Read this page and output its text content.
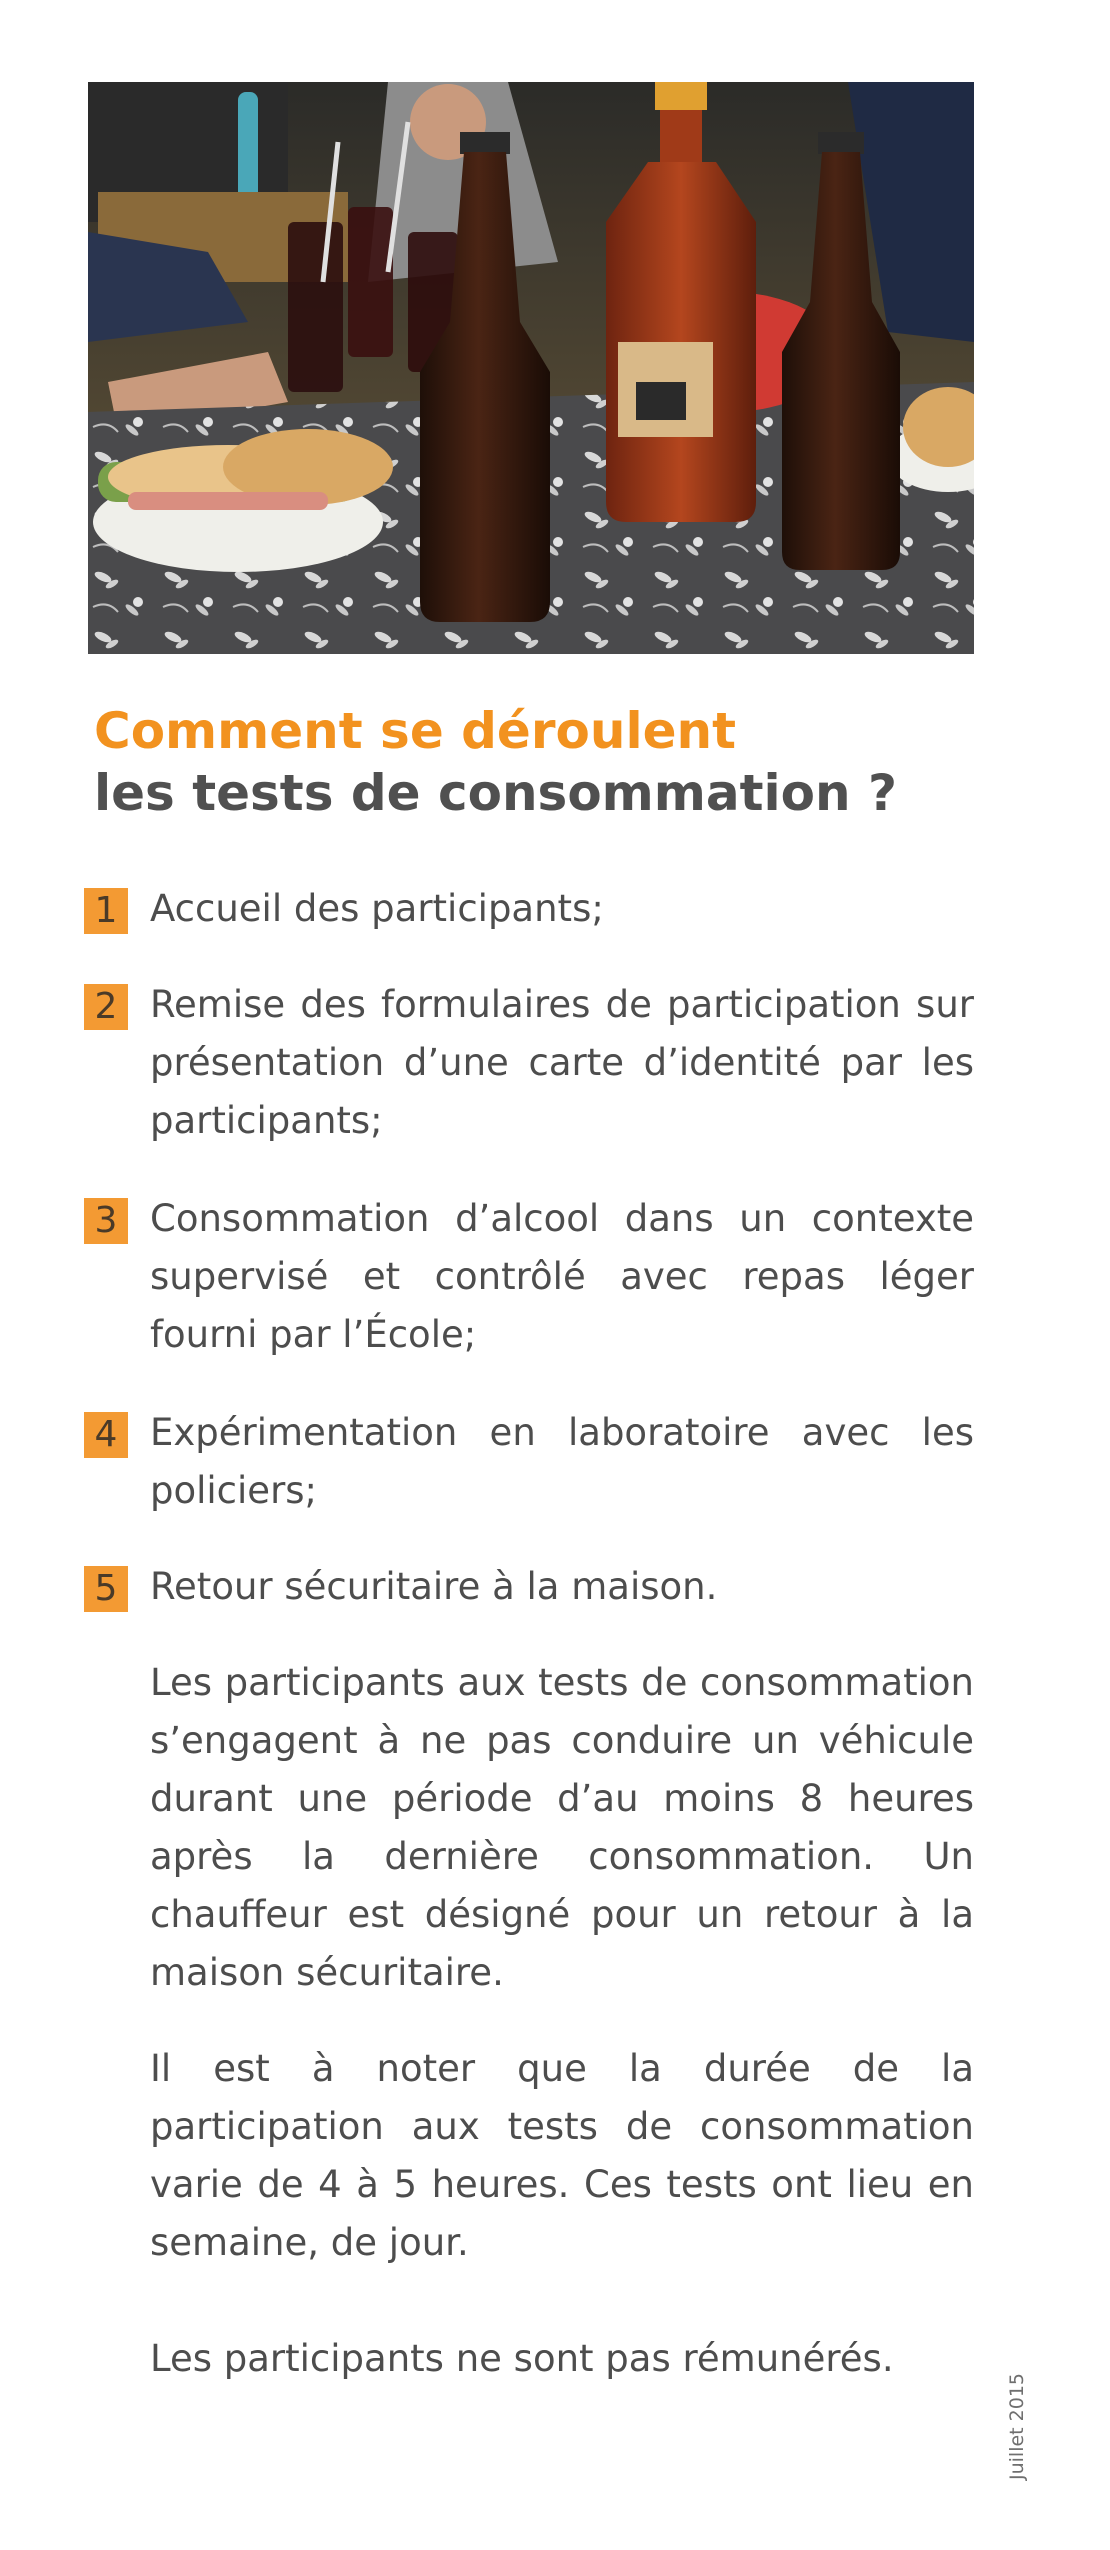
Comment se déroulent
les tests de consommation ?
1 Accueil des participants;
2 Remise des formulaires de participation sur présentation d’une carte d’identité par les participants;
3 Consommation d’alcool dans un contexte supervisé et contrôlé avec repas léger fourni par l’École;
4 Expérimentation en laboratoire avec les policiers;
5 Retour sécuritaire à la maison.

Les participants aux tests de consommation s’engagent à ne pas conduire un véhicule durant une période d’au moins 8 heures après la dernière consommation. Un chauffeur est désigné pour un retour à la maison sécuritaire.

Il est à noter que la durée de la participation aux tests de consommation varie de 4 à 5 heures. Ces tests ont lieu en semaine, de jour.

Les participants ne sont pas rémunérés.

Juillet 2015
